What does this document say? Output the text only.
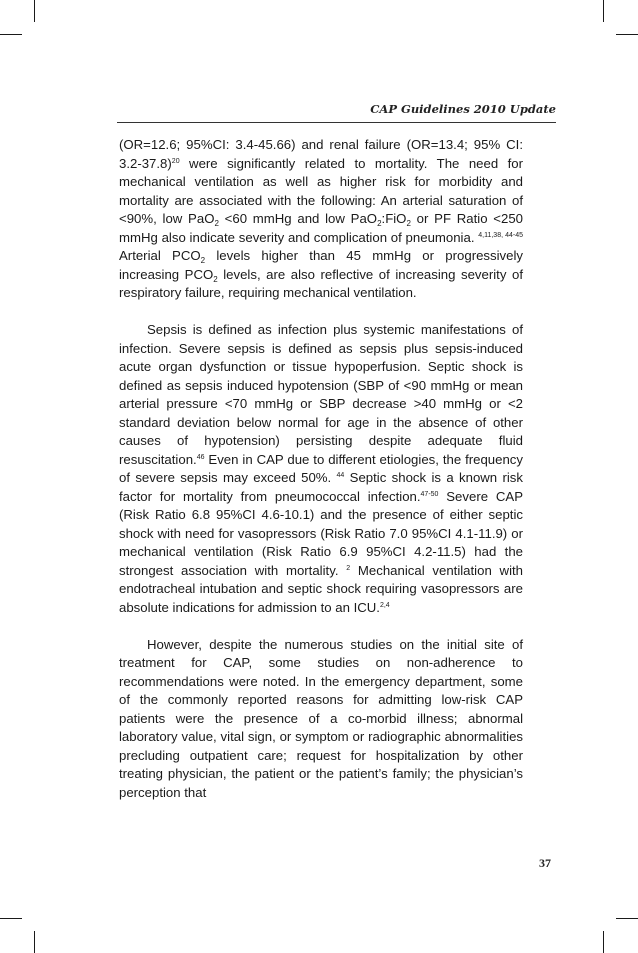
CAP Guidelines 2010 Update

(OR=12.6; 95%CI: 3.4-45.66) and renal failure (OR=13.4; 95% CI: 3.2-37.8)$^{20}$ were significantly related to mortality. The need for mechanical ventilation as well as higher risk for morbidity and mortality are associated with the following: An arterial saturation of <90%, low PaO$_2$ <60 mmHg and low PaO$_2$:FiO$_2$ or PF Ratio <250 mmHg also indicate severity and complication of pneumonia. $^{4,11,38, 44-45}$ Arterial $PCO_2$ levels higher than 45 mmHg or progressively increasing $PCO_2$ levels, are also reflective of increasing severity of respiratory failure, requiring mechanical ventilation.

Sepsis is defined as infection plus systemic manifestations of infection. Severe sepsis is defined as sepsis plus sepsis-induced acute organ dysfunction or tissue hypoperfusion. Septic shock is defined as sepsis induced hypotension (SBP of <90 mmHg or mean arterial pressure <70 mmHg or SBP decrease >40 mmHg or <2 standard deviation below normal for age in the absence of other causes of hypotension) persisting despite adequate fluid resuscitation.$^{46}$ Even in CAP due to different etiologies, the frequency of severe sepsis may exceed 50%. $^{44}$ Septic shock is a known risk factor for mortality from pneumococcal infection.$^{47-50}$ Severe CAP (Risk Ratio 6.8 95%CI 4.6-10.1) and the presence of either septic shock with need for vasopressors (Risk Ratio 7.0 95%CI 4.1-11.9) or mechanical ventilation (Risk Ratio 6.9 95%CI 4.2-11.5) had the strongest association with mortality. $^2$ Mechanical ventilation with endotracheal intubation and septic shock requiring vasopressors are absolute indications for admission to an ICU.$^{2,4}$

However, despite the numerous studies on the initial site of treatment for CAP, some studies on non-adherence to recommendations were noted. In the emergency department, some of the commonly reported reasons for admitting low-risk CAP patients were the presence of a co-morbid illness; abnormal laboratory value, vital sign, or symptom or radiographic abnormalities precluding outpatient care; request for hospitalization by other treating physician, the patient or the patient’s family; the physician’s perception that

37
